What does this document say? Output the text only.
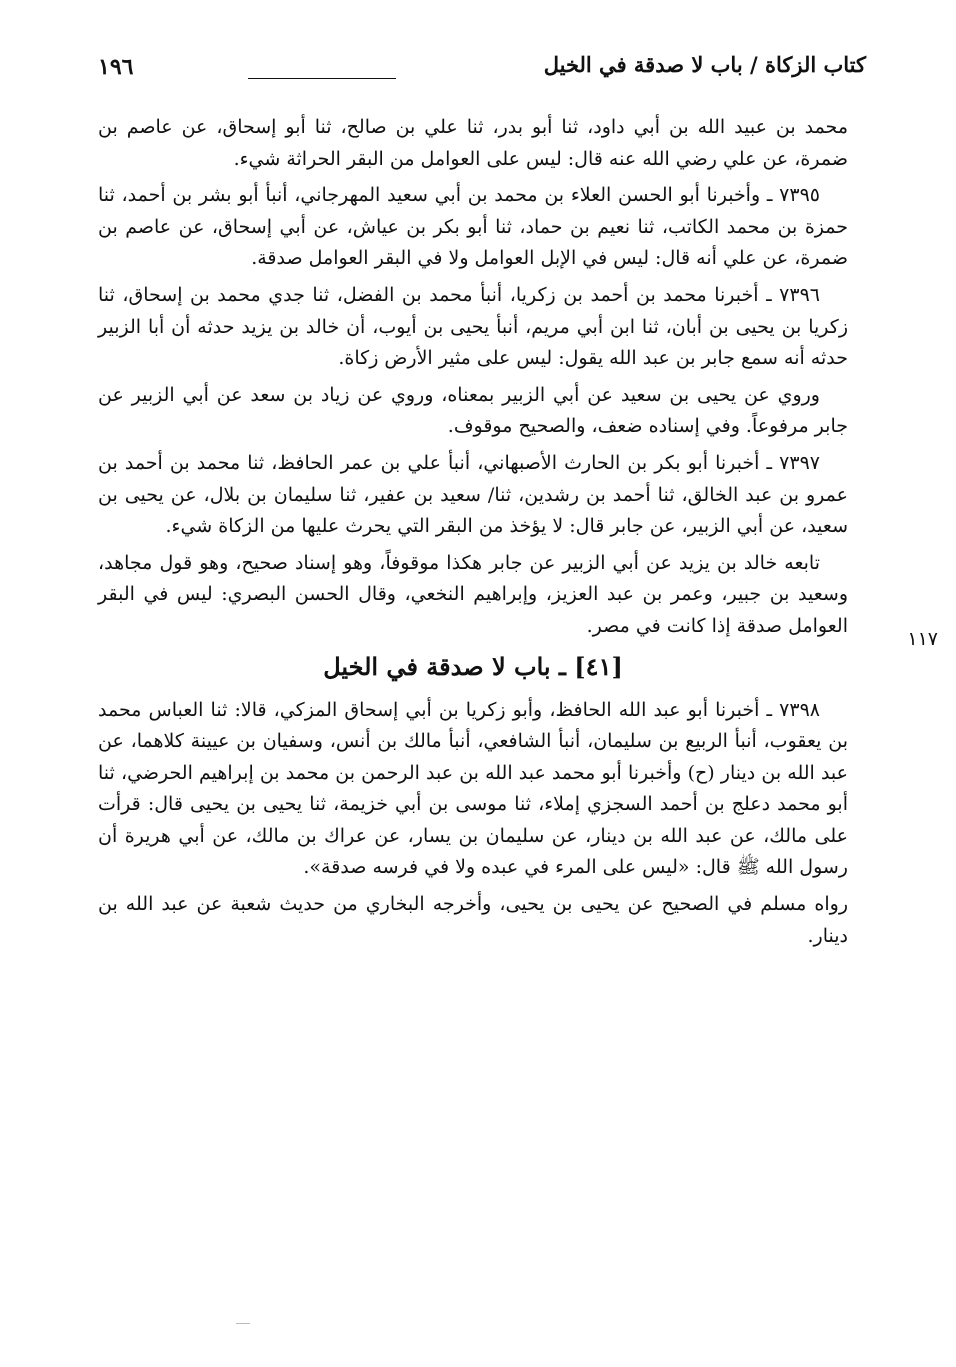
كتاب الزكاة / باب لا صدقة في الخيل
١٩٦
١١٧

محمد بن عبيد الله بن أبي داود، ثنا أبو بدر، ثنا علي بن صالح، ثنا أبو إسحاق، عن عاصم بن ضمرة، عن علي رضي الله عنه قال: ليس على العوامل من البقر الحراثة شيء.

٧٣٩٥ ـ وأخبرنا أبو الحسن العلاء بن محمد بن أبي سعيد المهرجاني، أنبأ أبو بشر بن أحمد، ثنا حمزة بن محمد الكاتب، ثنا نعيم بن حماد، ثنا أبو بكر بن عياش، عن أبي إسحاق، عن عاصم بن ضمرة، عن علي أنه قال: ليس في الإبل العوامل ولا في البقر العوامل صدقة.

٧٣٩٦ ـ أخبرنا محمد بن أحمد بن زكريا، أنبأ محمد بن الفضل، ثنا جدي محمد بن إسحاق، ثنا زكريا بن يحيى بن أبان، ثنا ابن أبي مريم، أنبأ يحيى بن أيوب، أن خالد بن يزيد حدثه أن أبا الزبير حدثه أنه سمع جابر بن عبد الله يقول: ليس على مثير الأرض زكاة.

وروي عن يحيى بن سعيد عن أبي الزبير بمعناه، وروي عن زياد بن سعد عن أبي الزبير عن جابر مرفوعاً. وفي إسناده ضعف، والصحيح موقوف.

٧٣٩٧ ـ أخبرنا أبو بكر بن الحارث الأصبهاني، أنبأ علي بن عمر الحافظ، ثنا محمد بن أحمد بن عمرو بن عبد الخالق، ثنا أحمد بن رشدين، ثنا/ سعيد بن عفير، ثنا سليمان بن بلال، عن يحيى بن سعيد، عن أبي الزبير، عن جابر قال: لا يؤخذ من البقر التي يحرث عليها من الزكاة شيء.

تابعه خالد بن يزيد عن أبي الزبير عن جابر هكذا موقوفاً، وهو إسناد صحيح، وهو قول مجاهد، وسعيد بن جبير، وعمر بن عبد العزيز، وإبراهيم النخعي، وقال الحسن البصري: ليس في البقر العوامل صدقة إذا كانت في مصر.

[٤١] ـ باب لا صدقة في الخيل

٧٣٩٨ ـ أخبرنا أبو عبد الله الحافظ، وأبو زكريا بن أبي إسحاق المزكي، قالا: ثنا العباس محمد بن يعقوب، أنبأ الربيع بن سليمان، أنبأ الشافعي، أنبأ مالك بن أنس، وسفيان بن عيينة كلاهما، عن عبد الله بن دينار (ح) وأخبرنا أبو محمد عبد الله بن عبد الرحمن بن محمد بن إبراهيم الحرضي، ثنا أبو محمد دعلج بن أحمد السجزي إملاء، ثنا موسى بن أبي خزيمة، ثنا يحيى بن يحيى قال: قرأت على مالك، عن عبد الله بن دينار، عن سليمان بن يسار، عن عراك بن مالك، عن أبي هريرة أن رسول الله ﷺ قال: «ليس على المرء في عبده ولا في فرسه صدقة».

رواه مسلم في الصحيح عن يحيى بن يحيى، وأخرجه البخاري من حديث شعبة عن عبد الله بن دينار.
